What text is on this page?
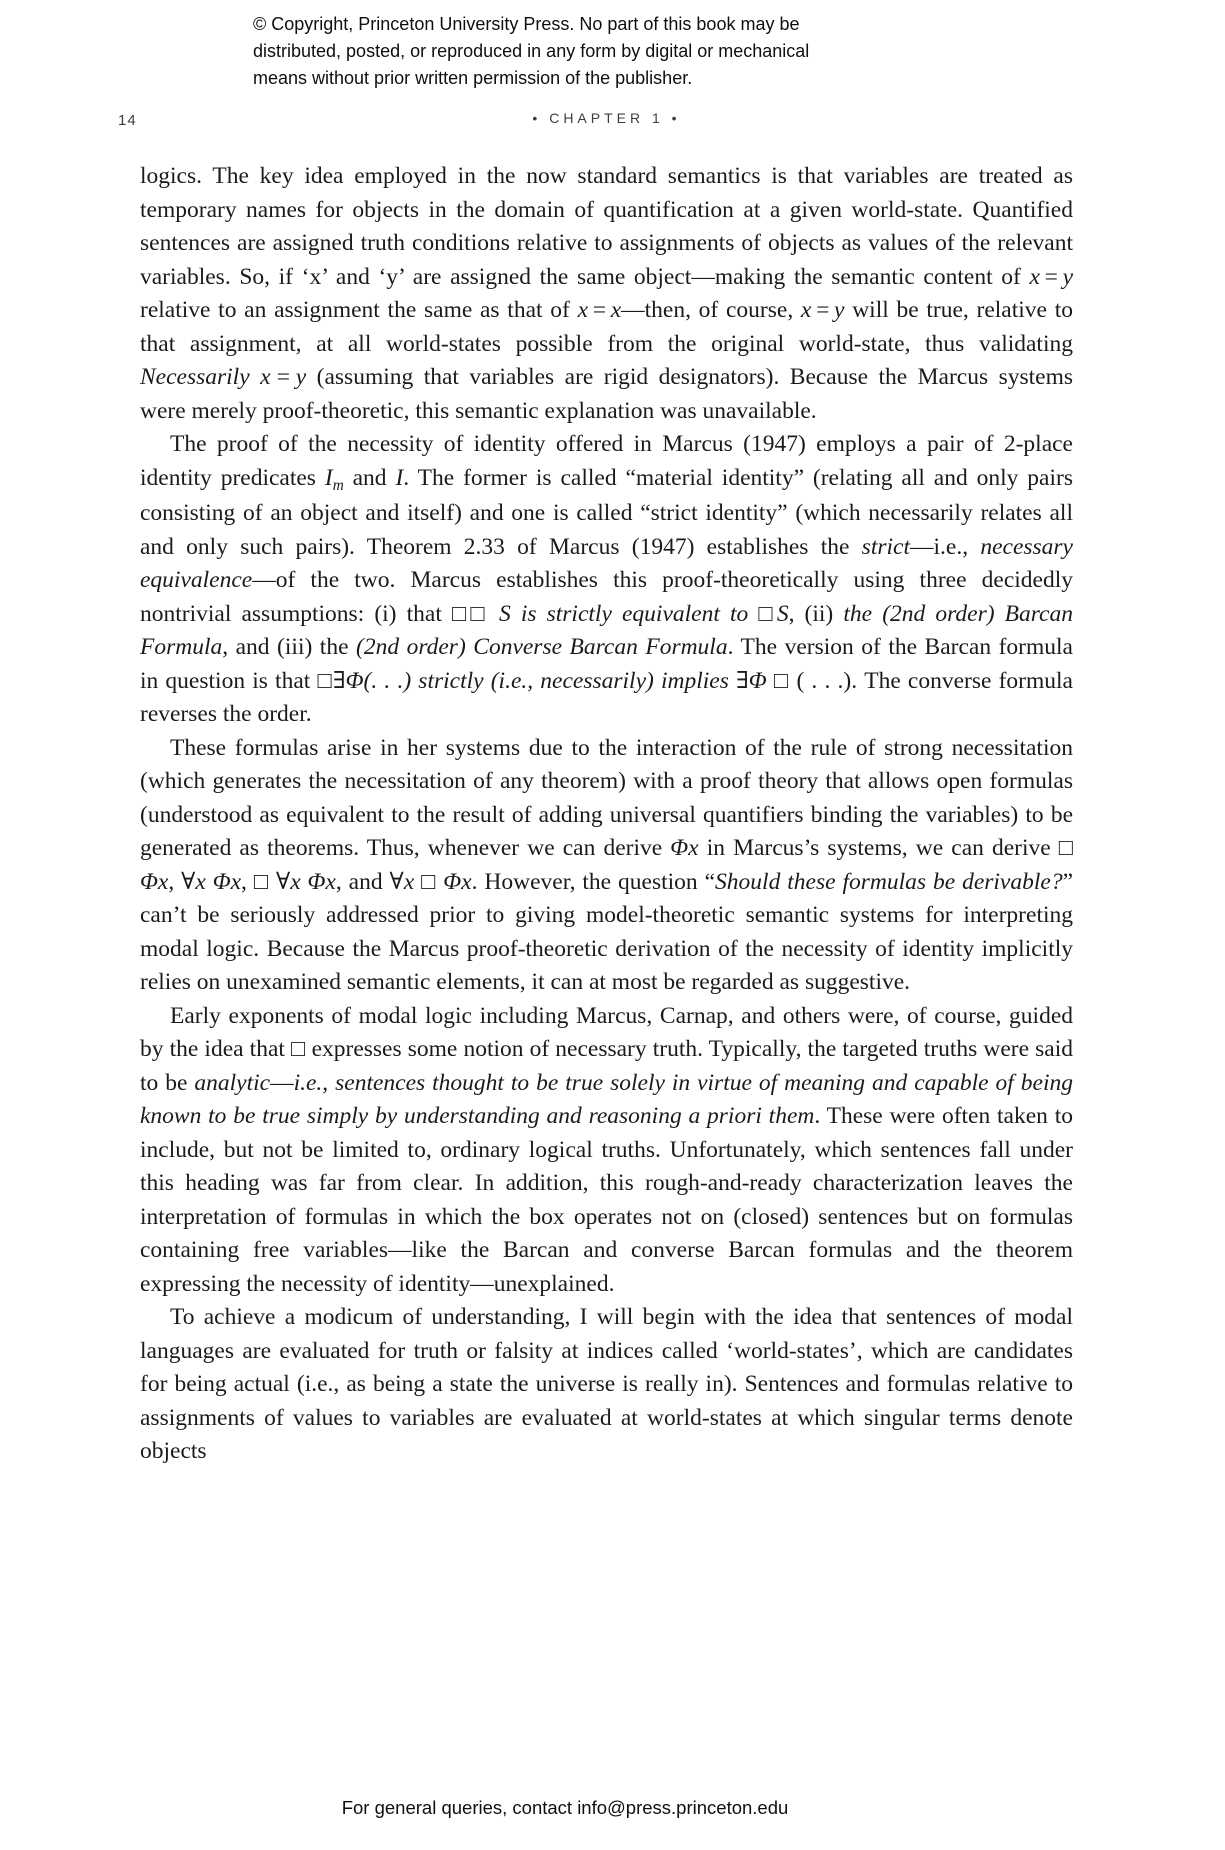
© Copyright, Princeton University Press. No part of this book may be
distributed, posted, or reproduced in any form by digital or mechanical
means without prior written permission of the publisher.
14	• CHAPTER 1 •

logics. The key idea employed in the now standard semantics is that variables are treated as temporary names for objects in the domain of quantification at a given world-state. Quantified sentences are assigned truth conditions relative to assignments of objects as values of the relevant variables. So, if ‘x’ and ‘y’ are assigned the same object—making the semantic content of x = y relative to an assignment the same as that of x = x—then, of course, x = y will be true, relative to that assignment, at all world-states possible from the original world-state, thus validating Necessarily x = y (assuming that variables are rigid designators). Because the Marcus systems were merely proof-theoretic, this semantic explanation was unavailable.

The proof of the necessity of identity offered in Marcus (1947) employs a pair of 2-place identity predicates $I_m$ and I. The former is called “material identity” (relating all and only pairs consisting of an object and itself) and one is called “strict identity” (which necessarily relates all and only such pairs). Theorem 2.33 of Marcus (1947) establishes the strict—i.e., necessary equivalence—of the two. Marcus establishes this proof-theoretically using three decidedly nontrivial assumptions: (i) that □□ S is strictly equivalent to □S, (ii) the (2nd order) Barcan Formula, and (iii) the (2nd order) Converse Barcan Formula. The version of the Barcan formula in question is that □∃Φ(. . .) strictly (i.e., necessarily) implies ∃Φ □ ( . . .). The converse formula reverses the order.

These formulas arise in her systems due to the interaction of the rule of strong necessitation (which generates the necessitation of any theorem) with a proof theory that allows open formulas (understood as equivalent to the result of adding universal quantifiers binding the variables) to be generated as theorems. Thus, whenever we can derive Φx in Marcus’s systems, we can derive □ Φx, ∀x Φx, □ ∀x Φx, and ∀x □ Φx. However, the question “Should these formulas be derivable?” can’t be seriously addressed prior to giving model-theoretic semantic systems for interpreting modal logic. Because the Marcus proof-theoretic derivation of the necessity of identity implicitly relies on unexamined semantic elements, it can at most be regarded as suggestive.

Early exponents of modal logic including Marcus, Carnap, and others were, of course, guided by the idea that □ expresses some notion of necessary truth. Typically, the targeted truths were said to be analytic—i.e., sentences thought to be true solely in virtue of meaning and capable of being known to be true simply by understanding and reasoning a priori them. These were often taken to include, but not be limited to, ordinary logical truths. Unfortunately, which sentences fall under this heading was far from clear. In addition, this rough-and-ready characterization leaves the interpretation of formulas in which the box operates not on (closed) sentences but on formulas containing free variables—like the Barcan and converse Barcan formulas and the theorem expressing the necessity of identity—unexplained.

To achieve a modicum of understanding, I will begin with the idea that sentences of modal languages are evaluated for truth or falsity at indices called ‘world-states’, which are candidates for being actual (i.e., as being a state the universe is really in). Sentences and formulas relative to assignments of values to variables are evaluated at world-states at which singular terms denote objects

For general queries, contact info@press.princeton.edu
